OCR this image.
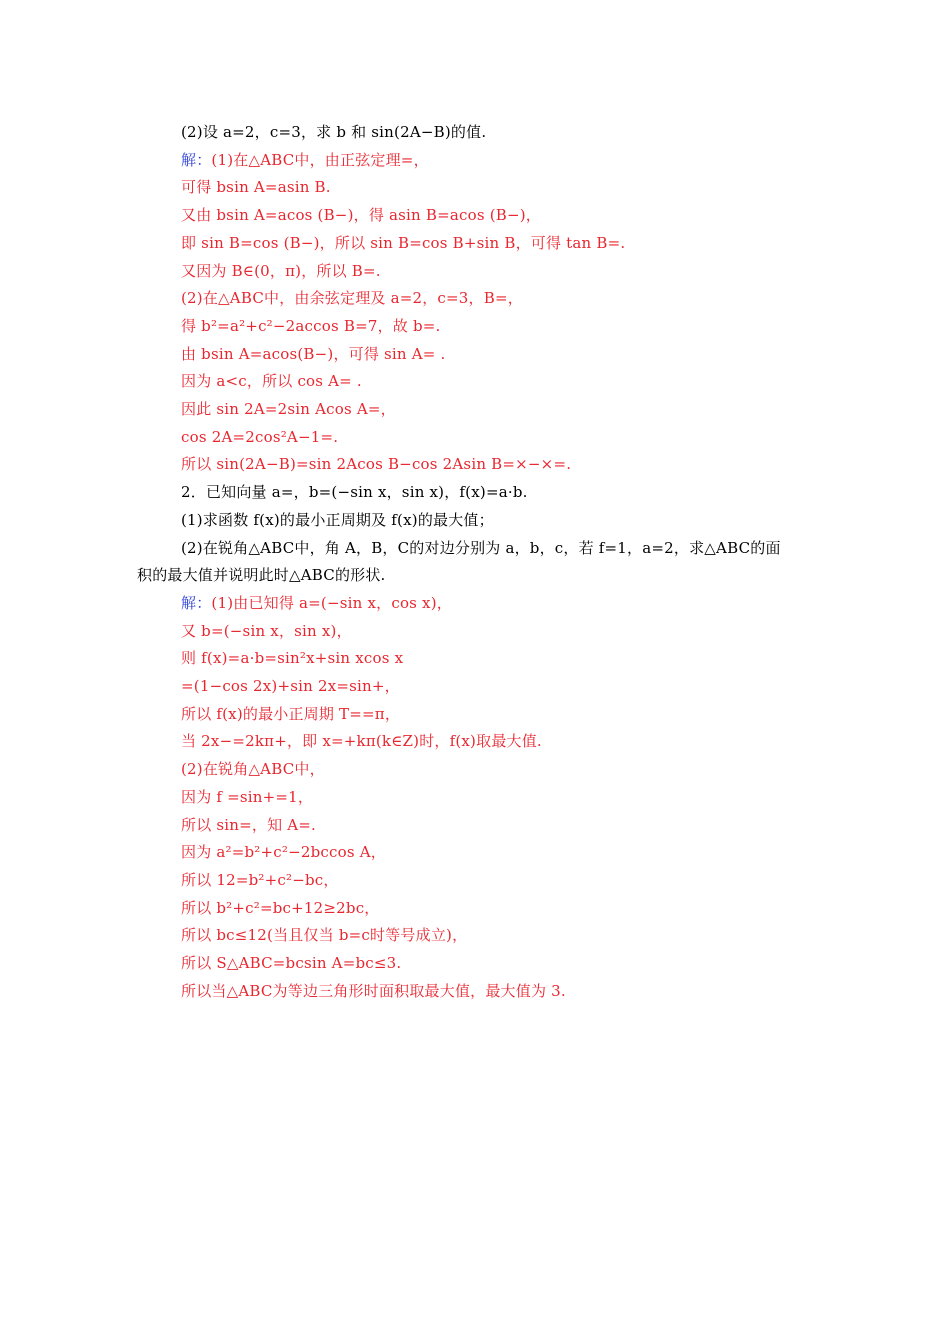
(2)设 a=2，c=3，求 b 和 sin(2A−B)的值.
解：(1)在△ABC中，由正弦定理=，
可得 bsin A=asin B.
又由 bsin A=acos (B−)，得 asin B=acos (B−)，
即 sin B=cos (B−)，所以 sin B=cos B+sin B，可得 tan B=.
又因为 B∈(0，π)，所以 B=.
(2)在△ABC中，由余弦定理及 a=2，c=3，B=，
得 b²=a²+c²−2accos B=7，故 b=.
由 bsin A=acos(B−)，可得 sin A= .
因为 a<c，所以 cos A= .
因此 sin 2A=2sin Acos A=，
cos 2A=2cos²A−1=.
所以 sin(2A−B)=sin 2Acos B−cos 2Asin B=×−×=.
2．已知向量 a=，b=(−sin x，sin x)，f(x)=a·b.
(1)求函数 f(x)的最小正周期及 f(x)的最大值；
(2)在锐角△ABC中，角 A，B，C的对边分别为 a，b，c，若 f=1，a=2，求△ABC的面
积的最大值并说明此时△ABC的形状.
解：(1)由已知得 a=(−sin x，cos x)，
又 b=(−sin x，sin x)，
则 f(x)=a·b=sin²x+sin xcos x
=(1−cos 2x)+sin 2x=sin+，
所以 f(x)的最小正周期 T==π，
当 2x−=2kπ+，即 x=+kπ(k∈Z)时，f(x)取最大值.
(2)在锐角△ABC中，
因为 f =sin+=1，
所以 sin=，知 A=.
因为 a²=b²+c²−2bccos A，
所以 12=b²+c²−bc，
所以 b²+c²=bc+12≥2bc，
所以 bc≤12(当且仅当 b=c时等号成立)，
所以 S△ABC=bcsin A=bc≤3.
所以当△ABC为等边三角形时面积取最大值，最大值为 3.
